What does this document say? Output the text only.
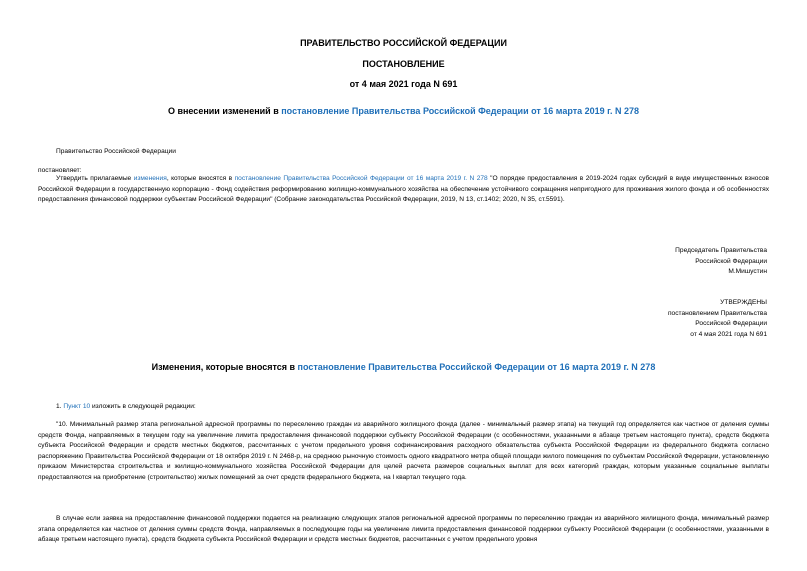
ПРАВИТЕЛЬСТВО РОССИЙСКОЙ ФЕДЕРАЦИИ
ПОСТАНОВЛЕНИЕ
от 4 мая 2021 года N 691
О внесении изменений в постановление Правительства Российской Федерации от 16 марта 2019 г. N 278
Правительство Российской Федерации
постановляет:

Утвердить прилагаемые изменения, которые вносятся в постановление Правительства Российской Федерации от 16 марта 2019 г. N 278 "О порядке предоставления в 2019-2024 годах субсидий в виде имущественных взносов Российской Федерации в государственную корпорацию - Фонд содействия реформированию жилищно-коммунального хозяйства на обеспечение устойчивого сокращения непригодного для проживания жилого фонда и об особенностях предоставления финансовой поддержки субъектам Российской Федерации" (Собрание законодательства Российской Федерации, 2019, N 13, ст.1402; 2020, N 35, ст.5591).

Председатель Правительства
Российской Федерации
М.Мишустин
УТВЕРЖДЕНЫ
постановлением Правительства
Российской Федерации
от 4 мая 2021 года N 691
Изменения, которые вносятся в постановление Правительства Российской Федерации от 16 марта 2019 г. N 278
1. Пункт 10 изложить в следующей редакции:

"10. Минимальный размер этапа региональной адресной программы по переселению граждан из аварийного жилищного фонда (далее - минимальный размер этапа) на текущий год определяется как частное от деления суммы средств Фонда, направляемых в текущем году на увеличение лимита предоставления финансовой поддержки субъекту Российской Федерации (с особенностями, указанными в абзаце третьем настоящего пункта), средств бюджета субъекта Российской Федерации и средств местных бюджетов, рассчитанных с учетом предельного уровня софинансирования расходного обязательства субъекта Российской Федерации из федерального бюджета согласно распоряжению Правительства Российской Федерации от 18 октября 2019 г. N 2468-р, на среднюю рыночную стоимость одного квадратного метра общей площади жилого помещения по субъектам Российской Федерации, установленную приказом Министерства строительства и жилищно-коммунального хозяйства Российской Федерации для целей расчета размеров социальных выплат для всех категорий граждан, которым указанные социальные выплаты предоставляются на приобретение (строительство) жилых помещений за счет средств федерального бюджета, на I квартал текущего года.

В случае если заявка на предоставление финансовой поддержки подается на реализацию следующих этапов региональной адресной программы по переселению граждан из аварийного жилищного фонда, минимальный размер этапа определяется как частное от деления суммы средств Фонда, направляемых в последующие годы на увеличение лимита предоставления финансовой поддержки субъекту Российской Федерации (с особенностями, указанными в абзаце третьем настоящего пункта), средств бюджета субъекта Российской Федерации и средств местных бюджетов, рассчитанных с учетом предельного уровня
